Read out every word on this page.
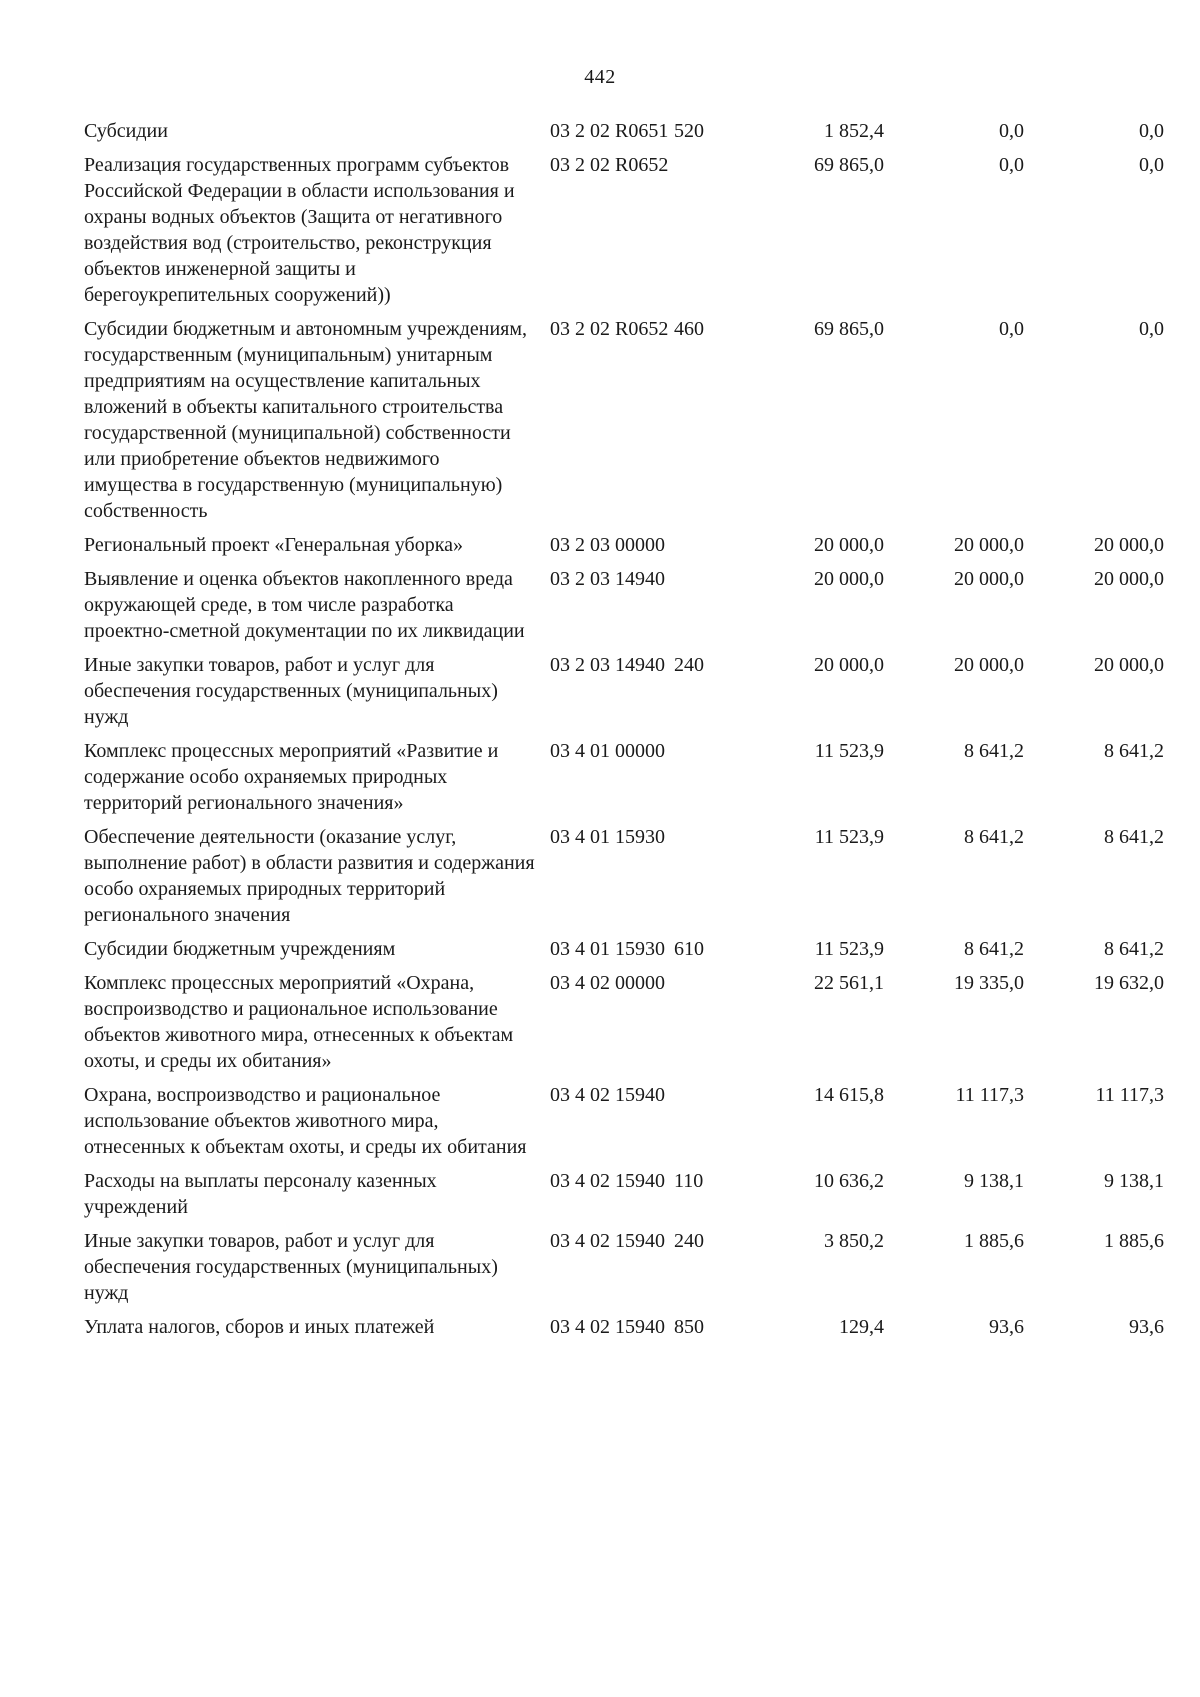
442
Субсидии	03 2 02 R0651	520	1 852,4	0,0	0,0
Реализация государственных программ субъектов Российской Федерации в области использования и охраны водных объектов (Защита от негативного воздействия вод (строительство, реконструкция объектов инженерной защиты и берегоукрепительных сооружений))	03 2 02 R0652		69 865,0	0,0	0,0
Субсидии бюджетным и автономным учреждениям, государственным (муниципальным) унитарным предприятиям на осуществление капитальных вложений в объекты капитального строительства государственной (муниципальной) собственности или приобретение объектов недвижимого имущества в государственную (муниципальную) собственность	03 2 02 R0652	460	69 865,0	0,0	0,0
Региональный проект «Генеральная уборка»	03 2 03 00000		20 000,0	20 000,0	20 000,0
Выявление и оценка объектов накопленного вреда окружающей среде, в том числе разработка проектно-сметной документации по их ликвидации	03 2 03 14940		20 000,0	20 000,0	20 000,0
Иные закупки товаров, работ и услуг для обеспечения государственных (муниципальных) нужд	03 2 03 14940	240	20 000,0	20 000,0	20 000,0
Комплекс процессных мероприятий «Развитие и содержание особо охраняемых природных территорий регионального значения»	03 4 01 00000		11 523,9	8 641,2	8 641,2
Обеспечение деятельности (оказание услуг, выполнение работ) в области развития и содержания особо охраняемых природных территорий регионального значения	03 4 01 15930		11 523,9	8 641,2	8 641,2
Субсидии бюджетным учреждениям	03 4 01 15930	610	11 523,9	8 641,2	8 641,2
Комплекс процессных мероприятий «Охрана, воспроизводство и рациональное использование объектов животного мира, отнесенных к объектам охоты, и среды их обитания»	03 4 02 00000		22 561,1	19 335,0	19 632,0
Охрана, воспроизводство и рациональное использование объектов животного мира, отнесенных к объектам охоты, и среды их обитания	03 4 02 15940		14 615,8	11 117,3	11 117,3
Расходы на выплаты персоналу казенных учреждений	03 4 02 15940	110	10 636,2	9 138,1	9 138,1
Иные закупки товаров, работ и услуг для обеспечения государственных (муниципальных) нужд	03 4 02 15940	240	3 850,2	1 885,6	1 885,6
Уплата налогов, сборов и иных платежей	03 4 02 15940	850	129,4	93,6	93,6
